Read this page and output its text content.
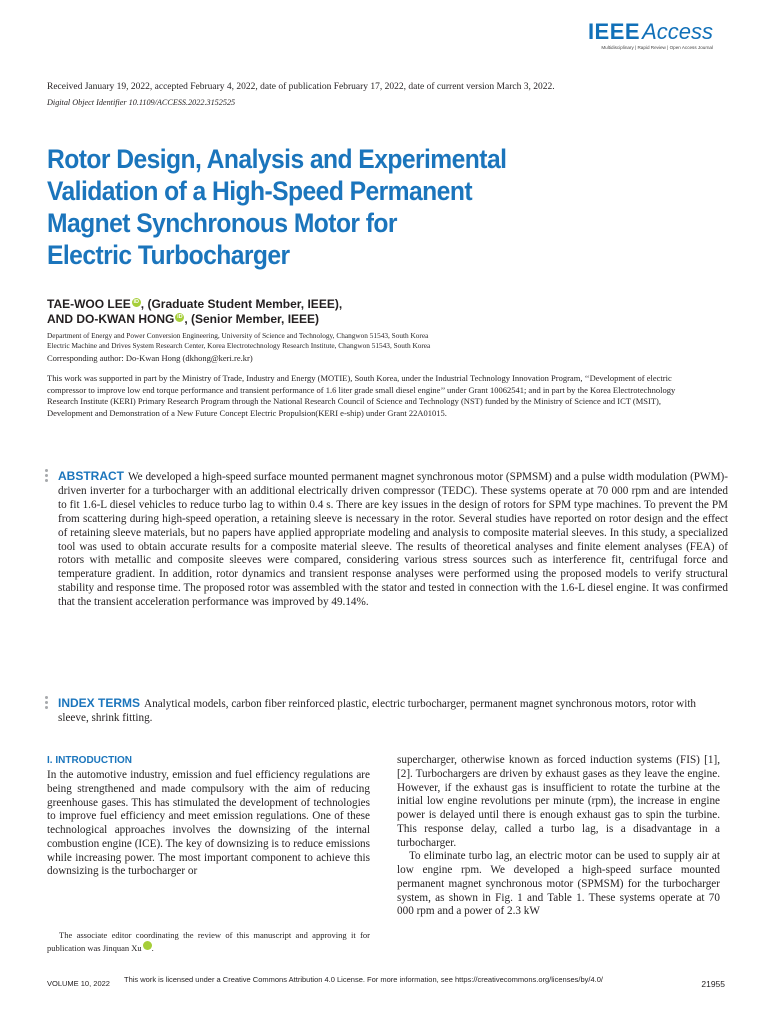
IEEEAccess
Multidisciplinary | Rapid Review | Open Access Journal
Received January 19, 2022, accepted February 4, 2022, date of publication February 17, 2022, date of current version March 3, 2022.
Digital Object Identifier 10.1109/ACCESS.2022.3152525
Rotor Design, Analysis and Experimental
Validation of a High-Speed Permanent
Magnet Synchronous Motor for
Electric Turbocharger
TAE-WOO LEE iD , (Graduate Student Member, IEEE),
AND DO-KWAN HONG iD , (Senior Member, IEEE)
Department of Energy and Power Conversion Engineering, University of Science and Technology, Changwon 51543, South Korea
Electric Machine and Drives System Research Center, Korea Electrotechnology Research Institute, Changwon 51543, South Korea
Corresponding author: Do-Kwan Hong (dkhong@keri.re.kr)
This work was supported in part by the Ministry of Trade, Industry and Energy (MOTIE), South Korea, under the Industrial Technology Innovation Program, ‘‘Development of electric compressor to improve low end torque performance and transient performance of 1.6 liter grade small diesel engine’’ under Grant 10062541; and in part by the Korea Electrotechnology Research Institute (KERI) Primary Research Program through the National Research Council of Science and Technology (NST) funded by the Ministry of Science and ICT (MSIT), Development and Demonstration of a New Future Concept Electric Propulsion(KERI e-ship) under Grant 22A01015.
ABSTRACT We developed a high-speed surface mounted permanent magnet synchronous motor (SPMSM) and a pulse width modulation (PWM)-driven inverter for a turbocharger with an additional electrically driven compressor (TEDC). These systems operate at 70 000 rpm and are intended to fit 1.6-L diesel vehicles to reduce turbo lag to within 0.4 s. There are key issues in the design of rotors for SPM type machines. To prevent the PM from scattering during high-speed operation, a retaining sleeve is necessary in the rotor. Several studies have reported on rotor design and the effect of retaining sleeve materials, but no papers have applied appropriate modeling and analysis to composite material sleeves. In this study, a specialized tool was used to obtain accurate results for a composite material sleeve. The results of theoretical analyses and finite element analyses (FEA) of rotors with metallic and composite sleeves were compared, considering various stress sources such as interference fit, centrifugal force and temperature gradient. In addition, rotor dynamics and transient response analyses were performed using the proposed models to verify structural stability and response time. The proposed rotor was assembled with the stator and tested in connection with the 1.6-L diesel engine. It was confirmed that the transient acceleration performance was improved by 49.14%.
INDEX TERMS Analytical models, carbon fiber reinforced plastic, electric turbocharger, permanent magnet synchronous motors, rotor with sleeve, shrink fitting.
I. INTRODUCTION

In the automotive industry, emission and fuel efficiency regulations are being strengthened and made compulsory with the aim of reducing greenhouse gases. This has stimulated the development of technologies to improve fuel efficiency and meet emission regulations. One of these technological approaches involves the downsizing of the internal combustion engine (ICE). The key of downsizing is to reduce emissions while increasing power. The most important component to achieve this downsizing is the turbocharger or

supercharger, otherwise known as forced induction systems (FIS) [1], [2]. Turbochargers are driven by exhaust gases as they leave the engine. However, if the exhaust gas is insufficient to rotate the turbine at the initial low engine revolutions per minute (rpm), the increase in engine power is delayed until there is enough exhaust gas to spin the turbine. This response delay, called a turbo lag, is a disadvantage in a turbocharger.

To eliminate turbo lag, an electric motor can be used to supply air at low engine rpm. We developed a high-speed surface mounted permanent magnet synchronous motor (SPMSM) for the turbocharger system, as shown in Fig. 1 and Table 1. These systems operate at 70 000 rpm and a power of 2.3 kW

The associate editor coordinating the review of this manuscript and approving it for publication was Jinquan Xu iD.
VOLUME 10, 2022 This work is licensed under a Creative Commons Attribution 4.0 License. For more information, see https://creativecommons.org/licenses/by/4.0/	21955
